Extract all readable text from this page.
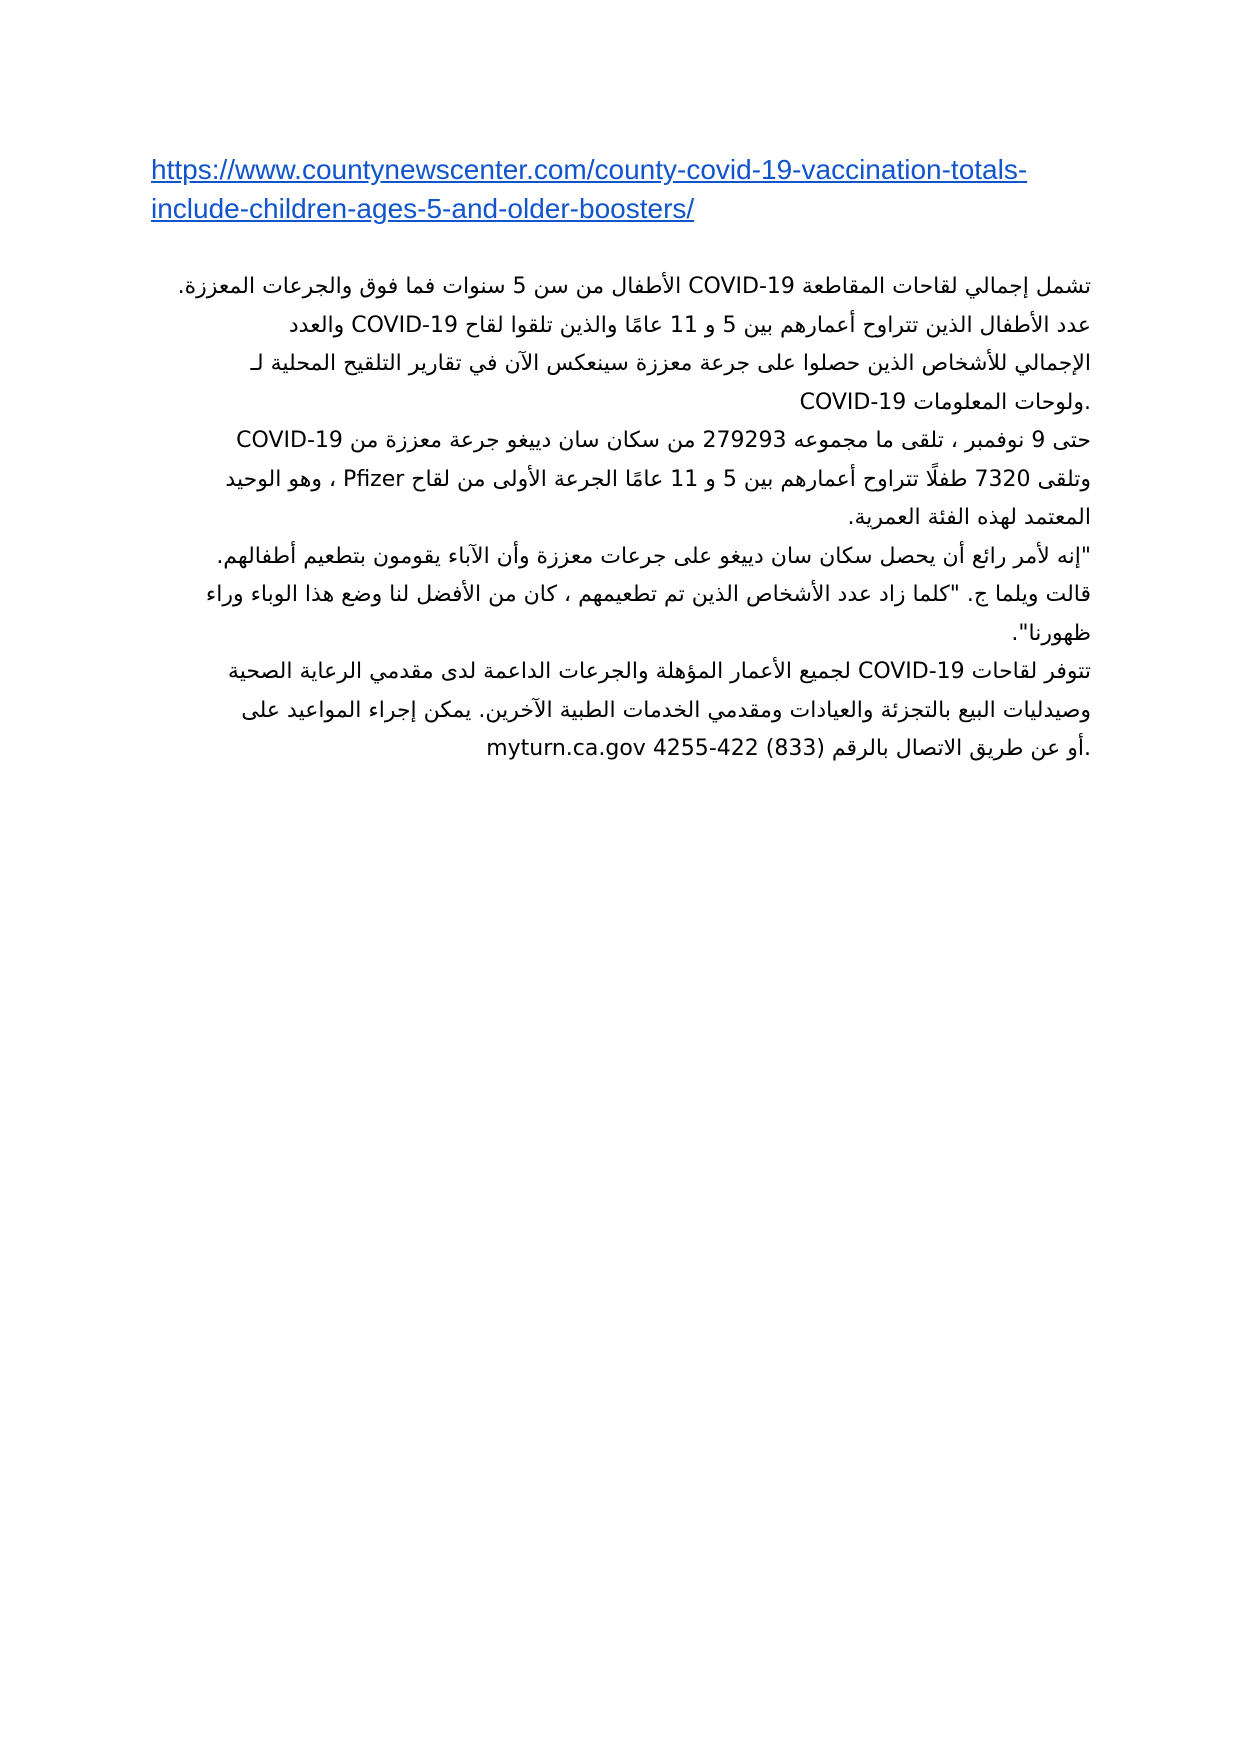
https://www.countynewscenter.com/county-covid-19-vaccination-totals-
include-children-ages-5-and-older-boosters/
تشمل إجمالي لقاحات المقاطعة COVID-19 الأطفال من سن 5 سنوات فما فوق والجرعات المعززة.
عدد الأطفال الذين تتراوح أعمارهم بين 5 و 11 عامًا والذين تلقوا لقاح COVID-19 والعدد
الإجمالي للأشخاص الذين حصلوا على جرعة معززة سينعكس الآن في تقارير التلقيح المحلية لـ
COVID-19 ولوحات المعلومات.
حتى 9 نوفمبر ، تلقى ما مجموعه 279293 من سكان سان دييغو جرعة معززة من COVID-19
وتلقى 7320 طفلًا تتراوح أعمارهم بين 5 و 11 عامًا الجرعة الأولى من لقاح Pfizer ، وهو الوحيد
المعتمد لهذه الفئة العمرية.
"إنه لأمر رائع أن يحصل سكان سان دييغو على جرعات معززة وأن الآباء يقومون بتطعيم أطفالهم.
قالت ويلما ج. "كلما زاد عدد الأشخاص الذين تم تطعيمهم ، كان من الأفضل لنا وضع هذا الوباء وراء
ظهورنا".
تتوفر لقاحات COVID-19 لجميع الأعمار المؤهلة والجرعات الداعمة لدى مقدمي الرعاية الصحية
وصيدليات البيع بالتجزئة والعيادات ومقدمي الخدمات الطبية الآخرين. يمكن إجراء المواعيد على
myturn.ca.gov أو عن طريق الاتصال بالرقم (833) 422-4255.
